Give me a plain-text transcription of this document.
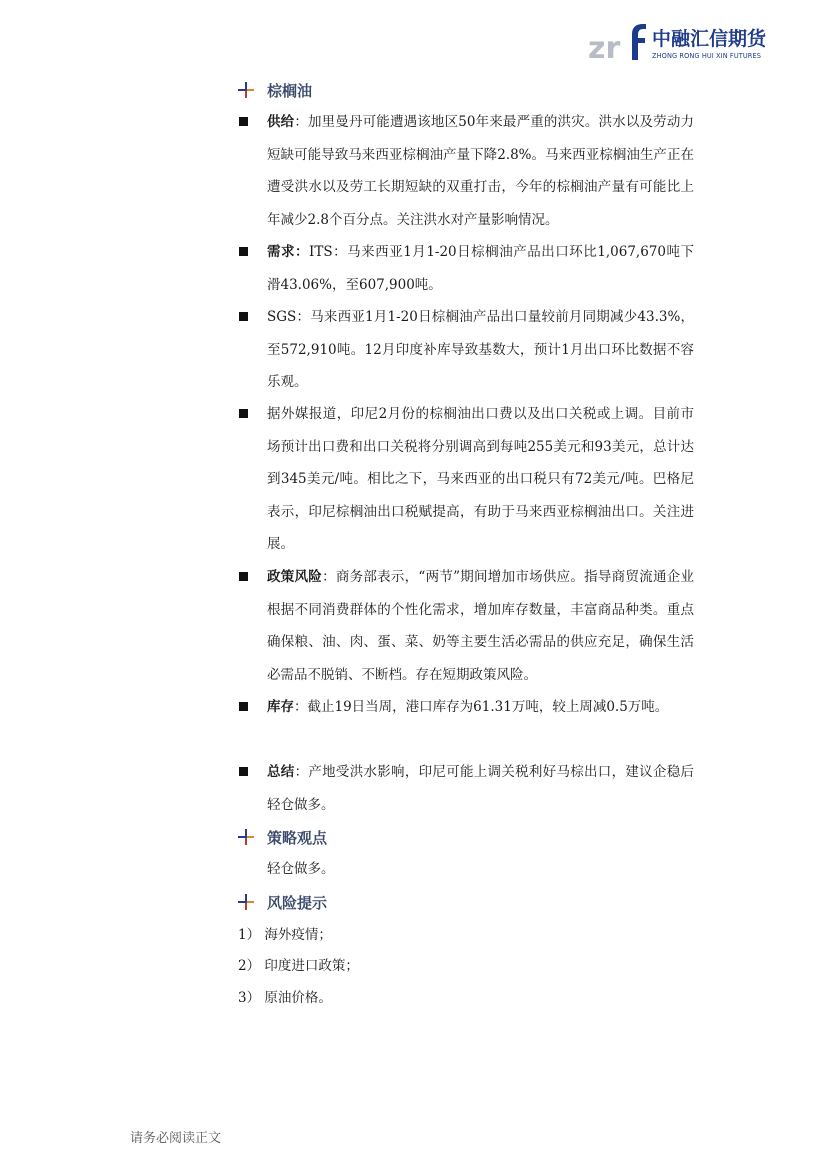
zr 中融汇信期货
ZHONG RONG HUI XIN FUTURES
棕榈油
供给：加里曼丹可能遭遇该地区50年来最严重的洪灾。洪水以及劳动力短缺可能导致马来西亚棕榈油产量下降2.8%。马来西亚棕榈油生产正在遭受洪水以及劳工长期短缺的双重打击，今年的棕榈油产量有可能比上年减少2.8个百分点。关注洪水对产量影响情况。
需求：ITS：马来西亚1月1-20日棕榈油产品出口环比1,067,670吨下滑43.06%，至607,900吨。
SGS：马来西亚1月1-20日棕榈油产品出口量较前月同期减少43.3%，至572,910吨。12月印度补库导致基数大，预计1月出口环比数据不容乐观。
据外媒报道，印尼2月份的棕榈油出口费以及出口关税或上调。目前市场预计出口费和出口关税将分别调高到每吨255美元和93美元，总计达到345美元/吨。相比之下，马来西亚的出口税只有72美元/吨。巴格尼表示，印尼棕榈油出口税赋提高，有助于马来西亚棕榈油出口。关注进展。
政策风险：商务部表示，“两节”期间增加市场供应。指导商贸流通企业根据不同消费群体的个性化需求，增加库存数量，丰富商品种类。重点确保粮、油、肉、蛋、菜、奶等主要生活必需品的供应充足，确保生活必需品不脱销、不断档。存在短期政策风险。
库存：截止19日当周，港口库存为61.31万吨，较上周减0.5万吨。
总结：产地受洪水影响，印尼可能上调关税利好马棕出口，建议企稳后轻仓做多。
策略观点
轻仓做多。
风险提示
1） 海外疫情；
2） 印度进口政策；
3） 原油价格。
请务必阅读正文
